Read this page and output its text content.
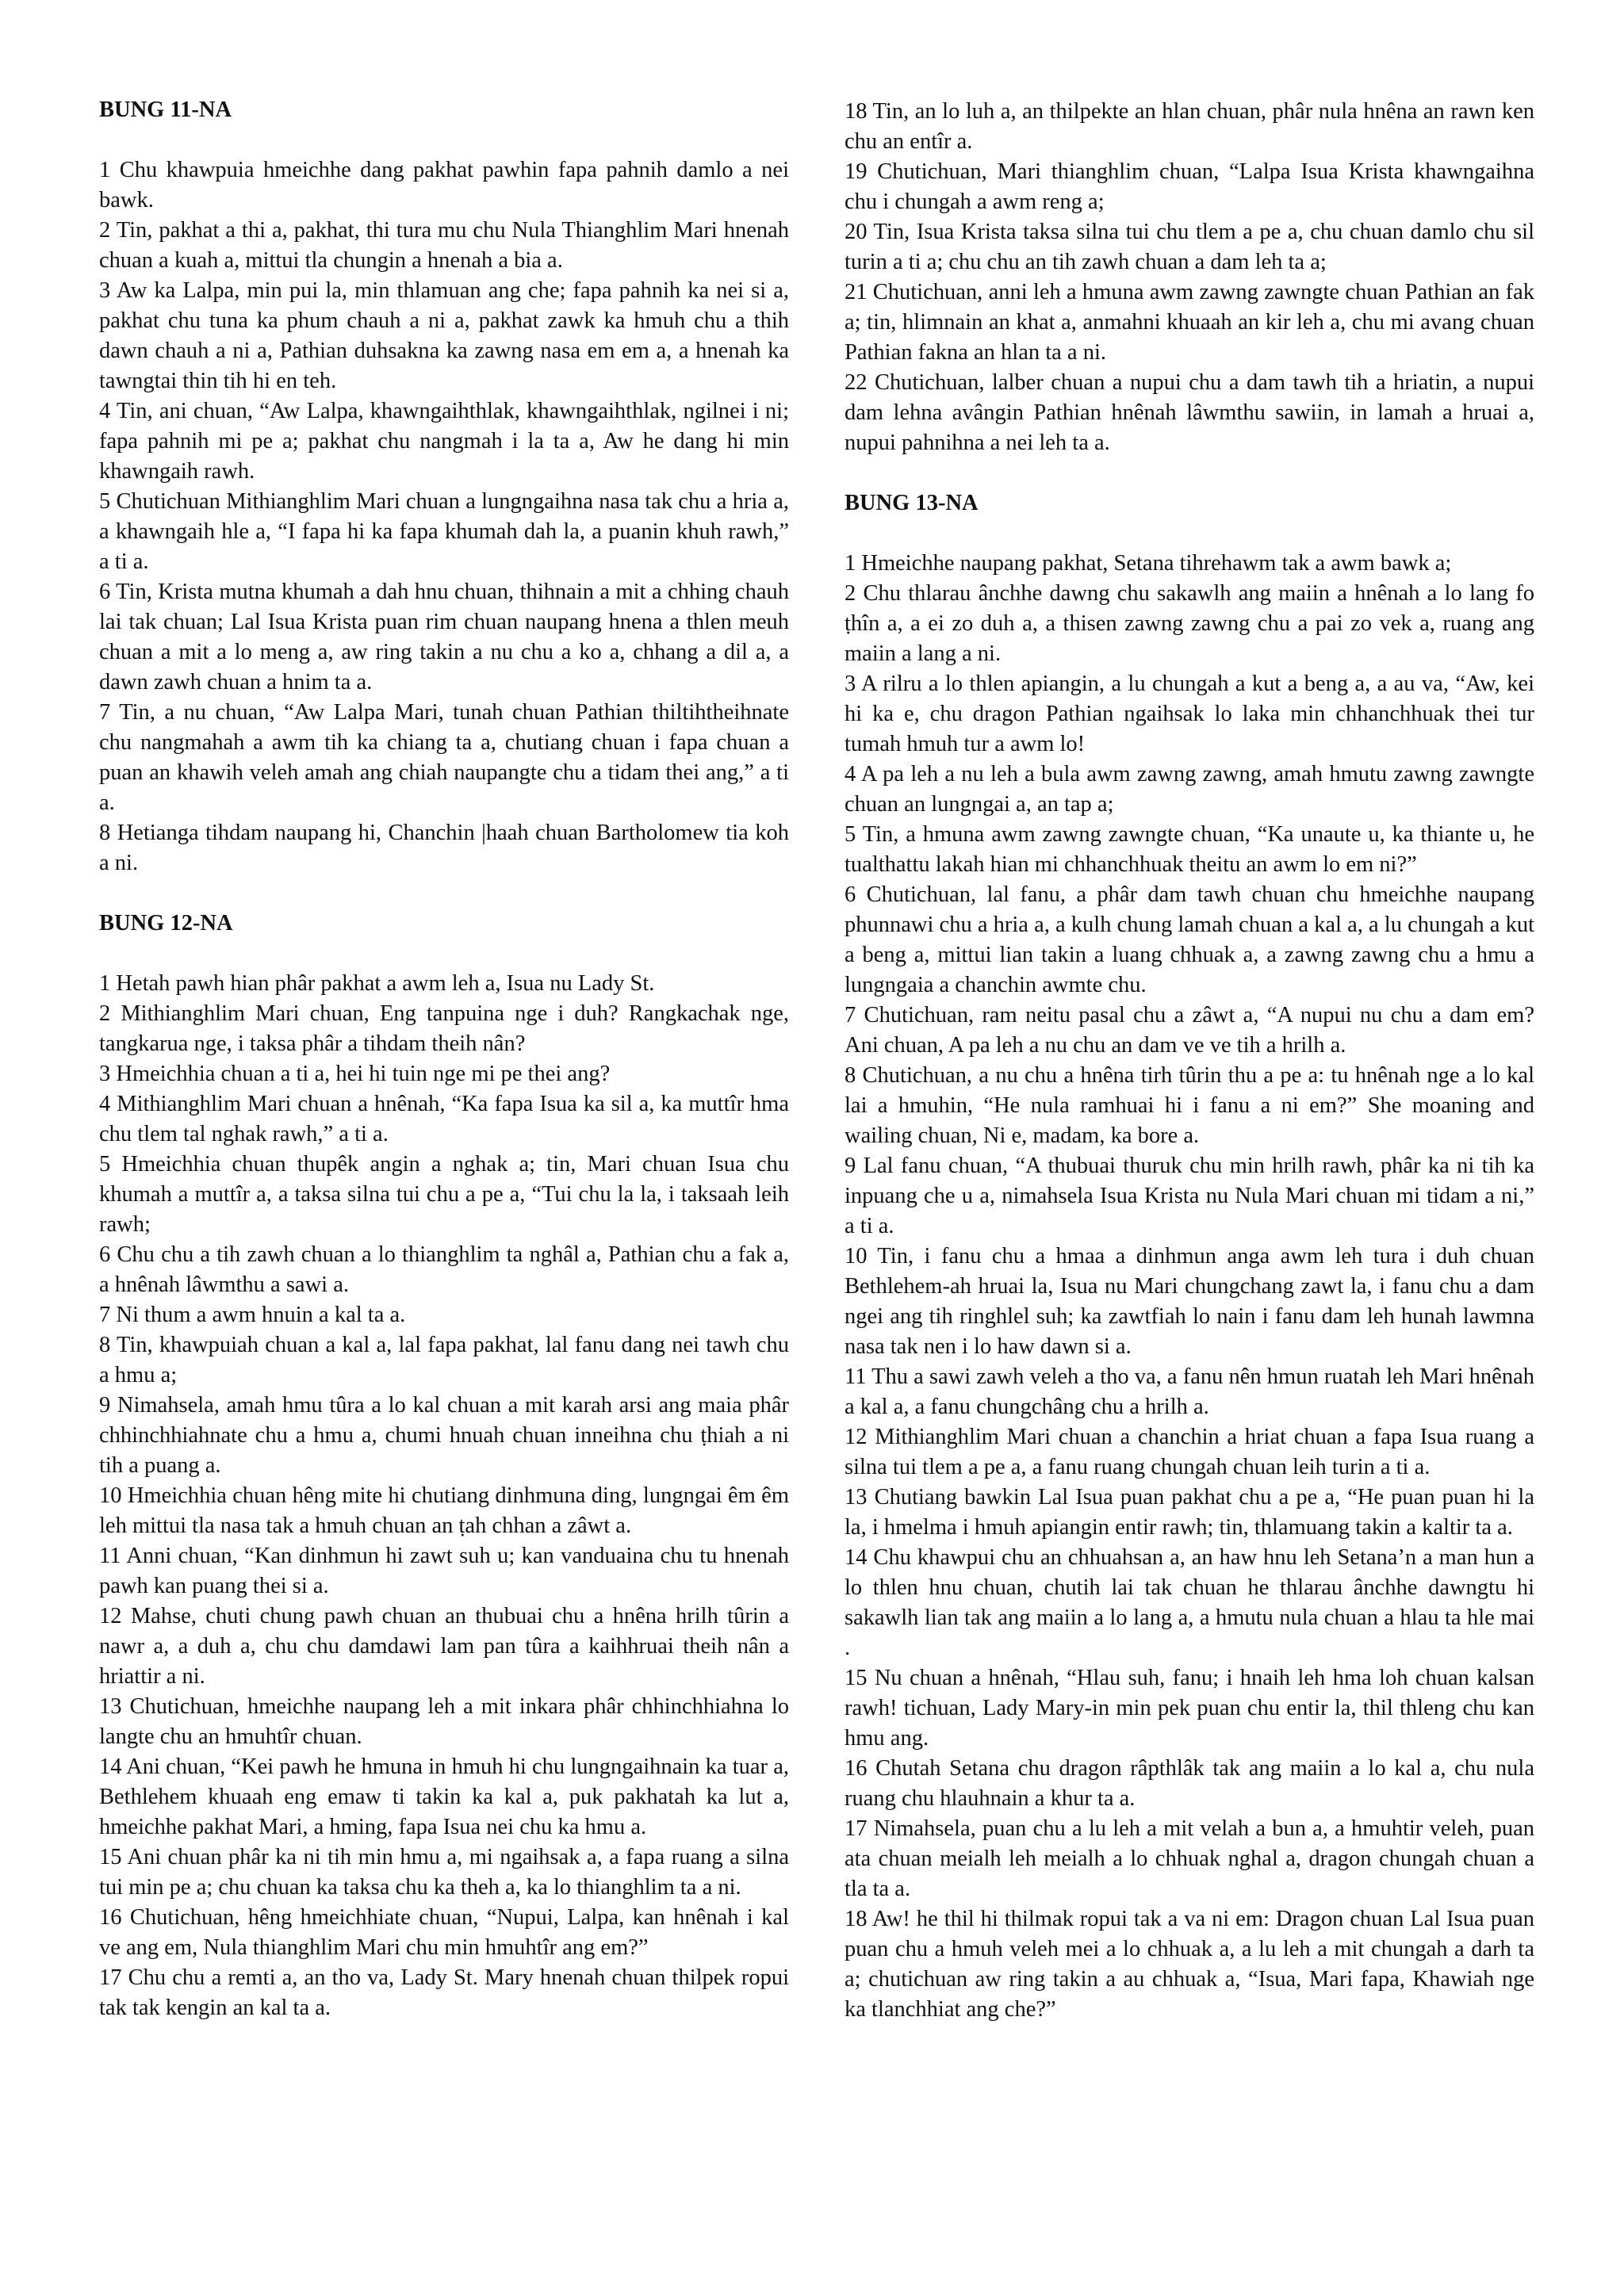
BUNG 11-NA

1 Chu khawpuia hmeichhe dang pakhat pawhin fapa pahnih damlo a nei bawk.

2 Tin, pakhat a thi a, pakhat, thi tura mu chu Nula Thianghlim Mari hnenah chuan a kuah a, mittui tla chungin a hnenah a bia a.

3 Aw ka Lalpa, min pui la, min thlamuan ang che; fapa pahnih ka nei si a, pakhat chu tuna ka phum chauh a ni a, pakhat zawk ka hmuh chu a thih dawn chauh a ni a, Pathian duhsakna ka zawng nasa em em a, a hnenah ka tawngtai thin tih hi en teh.

4 Tin, ani chuan, “Aw Lalpa, khawngaihthlak, khawngaihthlak, ngilnei i ni; fapa pahnih mi pe a; pakhat chu nangmah i la ta a, Aw he dang hi min khawngaih rawh.

5 Chutichuan Mithianghlim Mari chuan a lungngaihna nasa tak chu a hria a, a khawngaih hle a, “I fapa hi ka fapa khumah dah la, a puanin khuh rawh,” a ti a.

6 Tin, Krista mutna khumah a dah hnu chuan, thihnain a mit a chhing chauh lai tak chuan; Lal Isua Krista puan rim chuan naupang hnena a thlen meuh chuan a mit a lo meng a, aw ring takin a nu chu a ko a, chhang a dil a, a dawn zawh chuan a hnim ta a.

7 Tin, a nu chuan, “Aw Lalpa Mari, tunah chuan Pathian thiltihtheihnate chu nangmahah a awm tih ka chiang ta a, chutiang chuan i fapa chuan a puan an khawih veleh amah ang chiah naupangte chu a tidam thei ang,” a ti a.

8 Hetianga tihdam naupang hi, Chanchin |haah chuan Bartholomew tia koh a ni.

BUNG 12-NA

1 Hetah pawh hian phâr pakhat a awm leh a, Isua nu Lady St.

2 Mithianghlim Mari chuan, Eng tanpuina nge i duh? Rangkachak nge, tangkarua nge, i taksa phâr a tihdam theih nân?

3 Hmeichhia chuan a ti a, hei hi tuin nge mi pe thei ang?

4 Mithianghlim Mari chuan a hnênah, “Ka fapa Isua ka sil a, ka muttîr hma chu tlem tal nghak rawh,” a ti a.

5 Hmeichhia chuan thupêk angin a nghak a; tin, Mari chuan Isua chu khumah a muttîr a, a taksa silna tui chu a pe a, “Tui chu la la, i taksaah leih rawh;

6 Chu chu a tih zawh chuan a lo thianghlim ta nghâl a, Pathian chu a fak a, a hnênah lâwmthu a sawi a.

7 Ni thum a awm hnuin a kal ta a.

8 Tin, khawpuiah chuan a kal a, lal fapa pakhat, lal fanu dang nei tawh chu a hmu a;

9 Nimahsela, amah hmu tûra a lo kal chuan a mit karah arsi ang maia phâr chhinchhiahnate chu a hmu a, chumi hnuah chuan inneihna chu ṭhiah a ni tih a puang a.

10 Hmeichhia chuan hêng mite hi chutiang dinhmuna ding, lungngai êm êm leh mittui tla nasa tak a hmuh chuan an ṭah chhan a zâwt a.

11 Anni chuan, “Kan dinhmun hi zawt suh u; kan vanduaina chu tu hnenah pawh kan puang thei si a.

12 Mahse, chuti chung pawh chuan an thubuai chu a hnêna hrilh tûrin a nawr a, a duh a, chu chu damdawi lam pan tûra a kaihhruai theih nân a hriattir a ni.

13 Chutichuan, hmeichhe naupang leh a mit inkara phâr chhinchhiahna lo langte chu an hmuhtîr chuan.

14 Ani chuan, “Kei pawh he hmuna in hmuh hi chu lungngaihnain ka tuar a, Bethlehem khuaah eng emaw ti takin ka kal a, puk pakhatah ka lut a, hmeichhe pakhat Mari, a hming, fapa Isua nei chu ka hmu a.

15 Ani chuan phâr ka ni tih min hmu a, mi ngaihsak a, a fapa ruang a silna tui min pe a; chu chuan ka taksa chu ka theh a, ka lo thianghlim ta a ni.

16 Chutichuan, hêng hmeichhiate chuan, “Nupui, Lalpa, kan hnênah i kal ve ang em, Nula thianghlim Mari chu min hmuhtîr ang em?”

17 Chu chu a remti a, an tho va, Lady St. Mary hnenah chuan thilpek ropui tak tak kengin an kal ta a.

18 Tin, an lo luh a, an thilpekte an hlan chuan, phâr nula hnêna an rawn ken chu an entîr a.

19 Chutichuan, Mari thianghlim chuan, “Lalpa Isua Krista khawngaihna chu i chungah a awm reng a;

20 Tin, Isua Krista taksa silna tui chu tlem a pe a, chu chuan damlo chu sil turin a ti a; chu chu an tih zawh chuan a dam leh ta a;

21 Chutichuan, anni leh a hmuna awm zawng zawngte chuan Pathian an fak a; tin, hlimnain an khat a, anmahni khuaah an kir leh a, chu mi avang chuan Pathian fakna an hlan ta a ni.

22 Chutichuan, lalber chuan a nupui chu a dam tawh tih a hriatin, a nupui dam lehna avângin Pathian hnênah lâwmthu sawiin, in lamah a hruai a, nupui pahnihna a nei leh ta a.

BUNG 13-NA

1 Hmeichhe naupang pakhat, Setana tihrehawm tak a awm bawk a;

2 Chu thlarau ânchhe dawng chu sakawlh ang maiin a hnênah a lo lang fo ṭhîn a, a ei zo duh a, a thisen zawng zawng chu a pai zo vek a, ruang ang maiin a lang a ni.

3 A rilru a lo thlen apiangin, a lu chungah a kut a beng a, a au va, “Aw, kei hi ka e, chu dragon Pathian ngaihsak lo laka min chhanchhuak thei tur tumah hmuh tur a awm lo!

4 A pa leh a nu leh a bula awm zawng zawng, amah hmutu zawng zawngte chuan an lungngai a, an tap a;

5 Tin, a hmuna awm zawng zawngte chuan, “Ka unaute u, ka thiante u, he tualthattu lakah hian mi chhanchhuak theitu an awm lo em ni?”

6 Chutichuan, lal fanu, a phâr dam tawh chuan chu hmeichhe naupang phunnawi chu a hria a, a kulh chung lamah chuan a kal a, a lu chungah a kut a beng a, mittui lian takin a luang chhuak a, a zawng zawng chu a hmu a lungngaia a chanchin awmte chu.

7 Chutichuan, ram neitu pasal chu a zâwt a, “A nupui nu chu a dam em? Ani chuan, A pa leh a nu chu an dam ve ve tih a hrilh a.

8 Chutichuan, a nu chu a hnêna tirh tûrin thu a pe a: tu hnênah nge a lo kal lai a hmuhin, “He nula ramhuai hi i fanu a ni em?” She moaning and wailing chuan, Ni e, madam, ka bore a.

9 Lal fanu chuan, “A thubuai thuruk chu min hrilh rawh, phâr ka ni tih ka inpuang che u a, nimahsela Isua Krista nu Nula Mari chuan mi tidam a ni,” a ti a.

10 Tin, i fanu chu a hmaa a dinhmun anga awm leh tura i duh chuan Bethlehem-ah hruai la, Isua nu Mari chungchang zawt la, i fanu chu a dam ngei ang tih ringhlel suh; ka zawtfiah lo nain i fanu dam leh hunah lawmna nasa tak nen i lo haw dawn si a.

11 Thu a sawi zawh veleh a tho va, a fanu nên hmun ruatah leh Mari hnênah a kal a, a fanu chungchâng chu a hrilh a.

12 Mithianghlim Mari chuan a chanchin a hriat chuan a fapa Isua ruang a silna tui tlem a pe a, a fanu ruang chungah chuan leih turin a ti a.

13 Chutiang bawkin Lal Isua puan pakhat chu a pe a, “He puan puan hi la la, i hmelma i hmuh apiangin entir rawh; tin, thlamuang takin a kaltir ta a.

14 Chu khawpui chu an chhuahsan a, an haw hnu leh Setana’n a man hun a lo thlen hnu chuan, chutih lai tak chuan he thlarau ânchhe dawngtu hi sakawlh lian tak ang maiin a lo lang a, a hmutu nula chuan a hlau ta hle mai .

15 Nu chuan a hnênah, “Hlau suh, fanu; i hnaih leh hma loh chuan kalsan rawh! tichuan, Lady Mary-in min pek puan chu entir la, thil thleng chu kan hmu ang.

16 Chutah Setana chu dragon râpthlâk tak ang maiin a lo kal a, chu nula ruang chu hlauhnain a khur ta a.

17 Nimahsela, puan chu a lu leh a mit velah a bun a, a hmuhtir veleh, puan ata chuan meialh leh meialh a lo chhuak nghal a, dragon chungah chuan a tla ta a.

18 Aw! he thil hi thilmak ropui tak a va ni em: Dragon chuan Lal Isua puan puan chu a hmuh veleh mei a lo chhuak a, a lu leh a mit chungah a darh ta a; chutichuan aw ring takin a au chhuak a, “Isua, Mari fapa, Khawiah nge ka tlanchhiat ang che?”
